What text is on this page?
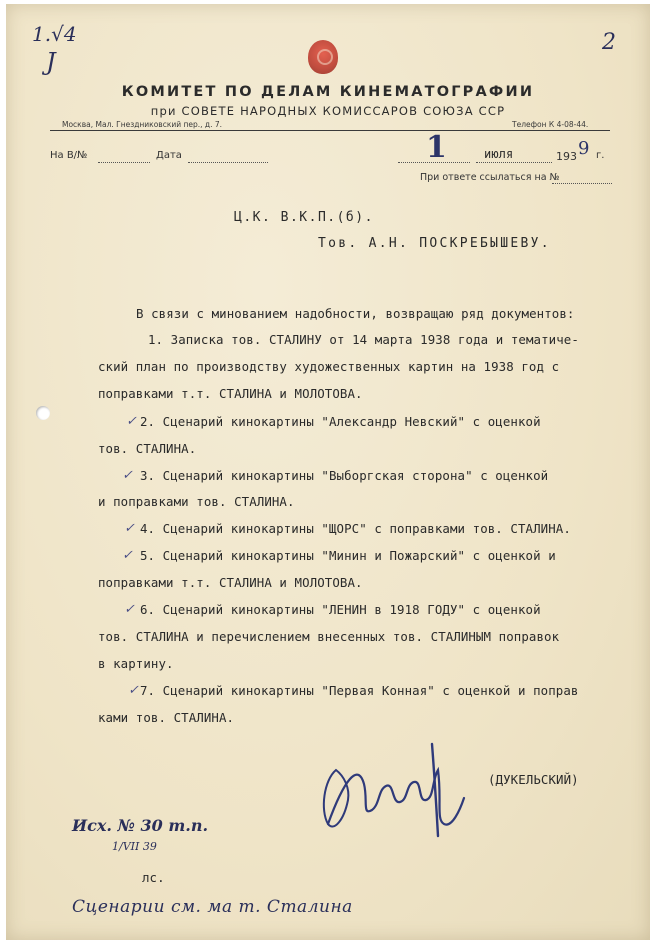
1.√4
J
2
КОМИТЕТ ПО ДЕЛАМ КИНЕМАТОГРАФИИ
при СОВЕТЕ НАРОДНЫХ КОМИССАРОВ СОЮЗА ССР
Москва, Мал. Гнездниковский пер., д. 7.	Телефон К 4-08-44.
На В/№	Дата	1	июля	193 9 г.
При ответе ссылаться на №
Ц.К. В.К.П.(б).
Тов. А.Н. ПОСКРЕБЫШЕВУ.
В связи с минованием надобности, возвращаю ряд документов:
1. Записка тов. СТАЛИНУ от 14 марта 1938 года и тематиче-
ский план по производству художественных картин на 1938 год с
поправками т.т. СТАЛИНА и МОЛОТОВА.
✓ 2. Сценарий кинокартины "Александр Невский" с оценкой
тов. СТАЛИНА.
✓ 3. Сценарий кинокартины "Выборгская сторона" с оценкой
и поправками тов. СТАЛИНА.
✓ 4. Сценарий кинокартины "ЩОРС" с поправками тов. СТАЛИНА.
✓ 5. Сценарий кинокартины "Минин и Пожарский" с оценкой и
поправками т.т. СТАЛИНА и МОЛОТОВА.
✓ 6. Сценарий кинокартины "ЛЕНИН в 1918 ГОДУ" с оценкой
тов. СТАЛИНА и перечислением внесенных тов. СТАЛИНЫМ поправок
в картину.
✓ 7. Сценарий кинокартины "Первая Конная" с оценкой и поправ
ками тов. СТАЛИНА.
(ДУКЕЛЬСКИЙ)
Исх. № 30 т.п.
1/VII 39
лс.
Сценарии см. ма т. Сталина
